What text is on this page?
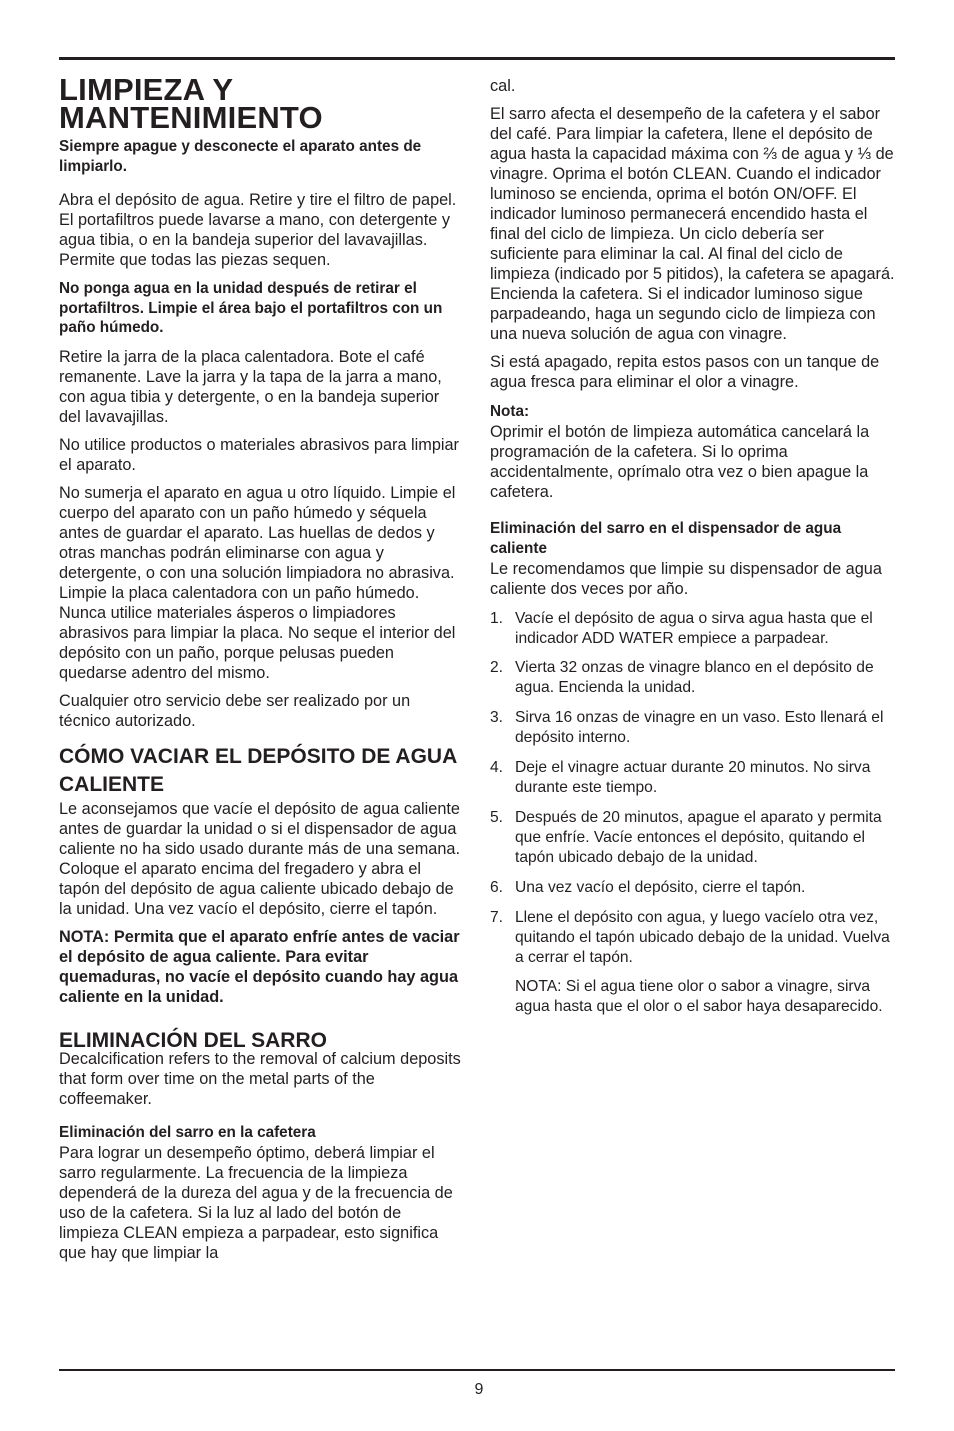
LIMPIEZA Y MANTENIMIENTO

Siempre apague y desconecte el aparato antes de limpiarlo.

Abra el depósito de agua. Retire y tire el filtro de papel. El portafiltros puede lavarse a mano, con detergente y agua tibia, o en la bandeja superior del lavavajillas. Permite que todas las piezas sequen.

No ponga agua en la unidad después de retirar el portafiltros. Limpie el área bajo el portafiltros con un paño húmedo.

Retire la jarra de la placa calentadora. Bote el café remanente. Lave la jarra y la tapa de la jarra a mano, con agua tibia y detergente, o en la bandeja superior del lavavajillas.

No utilice productos o materiales abrasivos para limpiar el aparato.

No sumerja el aparato en agua u otro líquido. Limpie el cuerpo del aparato con un paño húmedo y séquela antes de guardar el aparato. Las huellas de dedos y otras manchas podrán eliminarse con agua y detergente, o con una solución limpiadora no abrasiva. Limpie la placa calentadora con un paño húmedo. Nunca utilice materiales ásperos o limpiadores abrasivos para limpiar la placa. No seque el interior del depósito con un paño, porque pelusas pueden quedarse adentro del mismo.

Cualquier otro servicio debe ser realizado por un técnico autorizado.

CÓMO VACIAR EL DEPÓSITO DE AGUA CALIENTE

Le aconsejamos que vacíe el depósito de agua caliente antes de guardar la unidad o si el dispensador de agua caliente no ha sido usado durante más de una semana. Coloque el aparato encima del fregadero y abra el tapón del depósito de agua caliente ubicado debajo de la unidad. Una vez vacío el depósito, cierre el tapón.

NOTA: Permita que el aparato enfríe antes de vaciar el depósito de agua caliente. Para evitar quemaduras, no vacíe el depósito cuando hay agua caliente en la unidad.

ELIMINACIÓN DEL SARRO

Decalcification refers to the removal of calcium deposits that form over time on the metal parts of the coffeemaker.

Eliminación del sarro en la cafetera

Para lograr un desempeño óptimo, deberá limpiar el sarro regularmente. La frecuencia de la limpieza dependerá de la dureza del agua y de la frecuencia de uso de la cafetera. Si la luz al lado del botón de limpieza CLEAN empieza a parpadear, esto significa que hay que limpiar la

cal.

El sarro afecta el desempeño de la cafetera y el sabor del café. Para limpiar la cafetera, llene el depósito de agua hasta la capacidad máxima con ⅔ de agua y ⅓ de vinagre. Oprima el botón CLEAN. Cuando el indicador luminoso se encienda, oprima el botón ON/OFF. El indicador luminoso permanecerá encendido hasta el final del ciclo de limpieza. Un ciclo debería ser suficiente para eliminar la cal. Al final del ciclo de limpieza (indicado por 5 pitidos), la cafetera se apagará. Encienda la cafetera. Si el indicador luminoso sigue parpadeando, haga un segundo ciclo de limpieza con una nueva solución de agua con vinagre.

Si está apagado, repita estos pasos con un tanque de agua fresca para eliminar el olor a vinagre.

Nota:

Oprimir el botón de limpieza automática cancelará la programación de la cafetera. Si lo oprima accidentalmente, oprímalo otra vez o bien apague la cafetera.

Eliminación del sarro en el dispensador de agua caliente

Le recomendamos que limpie su dispensador de agua caliente dos veces por año.

1. Vacíe el depósito de agua o sirva agua hasta que el indicador ADD WATER empiece a parpadear.
2. Vierta 32 onzas de vinagre blanco en el depósito de agua. Encienda la unidad.
3. Sirva 16 onzas de vinagre en un vaso. Esto llenará el depósito interno.
4. Deje el vinagre actuar durante 20 minutos. No sirva durante este tiempo.
5. Después de 20 minutos, apague el aparato y permita que enfríe. Vacíe entonces el depósito, quitando el tapón ubicado debajo de la unidad.
6. Una vez vacío el depósito, cierre el tapón.
7. Llene el depósito con agua, y luego vacíelo otra vez, quitando el tapón ubicado debajo de la unidad. Vuelva a cerrar el tapón.

NOTA: Si el agua tiene olor o sabor a vinagre, sirva agua hasta que el olor o el sabor haya desaparecido.

9
